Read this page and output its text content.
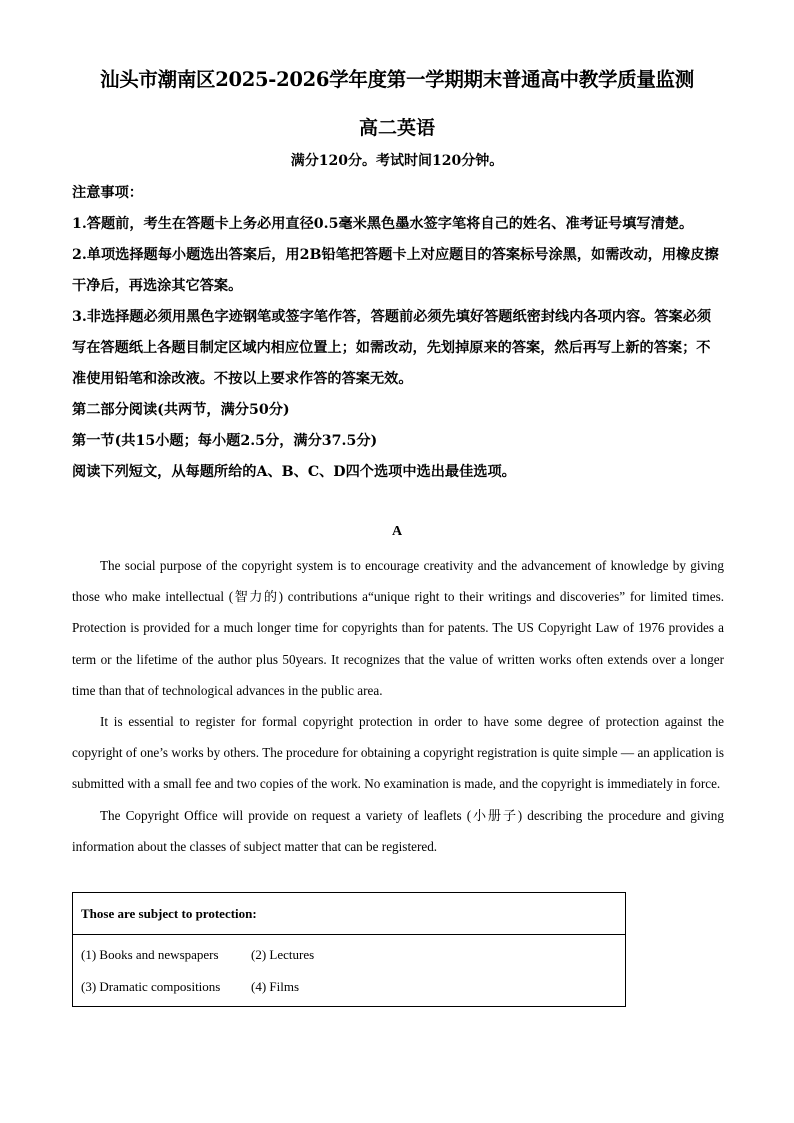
汕头市潮南区2025-2026学年度第一学期期末普通高中教学质量监测
高二英语
满分120分。考试时间120分钟。

注意事项：

1.答题前，考生在答题卡上务必用直径0.5毫米黑色墨水签字笔将自己的姓名、准考证号填写清楚。

2.单项选择题每小题选出答案后，用2B铅笔把答题卡上对应题目的答案标号涂黑，如需改动，用橡皮擦干净后，再选涂其它答案。

3.非选择题必须用黑色字迹钢笔或签字笔作答，答题前必须先填好答题纸密封线内各项内容。答案必须写在答题纸上各题目制定区域内相应位置上；如需改动，先划掉原来的答案，然后再写上新的答案；不准使用铅笔和涂改液。不按以上要求作答的答案无效。

第二部分阅读(共两节，满分50分)

第一节(共15小题；每小题2.5分，满分37.5分)

阅读下列短文，从每题所给的A、B、C、D四个选项中选出最佳选项。

A

The social purpose of the copyright system is to encourage creativity and the advancement of knowledge by giving those who make intellectual (智力的) contributions a“unique right to their writings and discoveries” for limited times. Protection is provided for a much longer time for copyrights than for patents. The US Copyright Law of 1976 provides a term or the lifetime of the author plus 50years. It recognizes that the value of written works often extends over a longer time than that of technological advances in the public area.

It is essential to register for formal copyright protection in order to have some degree of protection against the copyright of one’s works by others. The procedure for obtaining a copyright registration is quite simple — an application is submitted with a small fee and two copies of the work. No examination is made, and the copyright is immediately in force.

The Copyright Office will provide on request a variety of leaflets (小册子) describing the procedure and giving information about the classes of subject matter that can be registered.

Those are subject to protection:
(1) Books and newspapers (2) Lectures
(3) Dramatic compositions (4) Films
